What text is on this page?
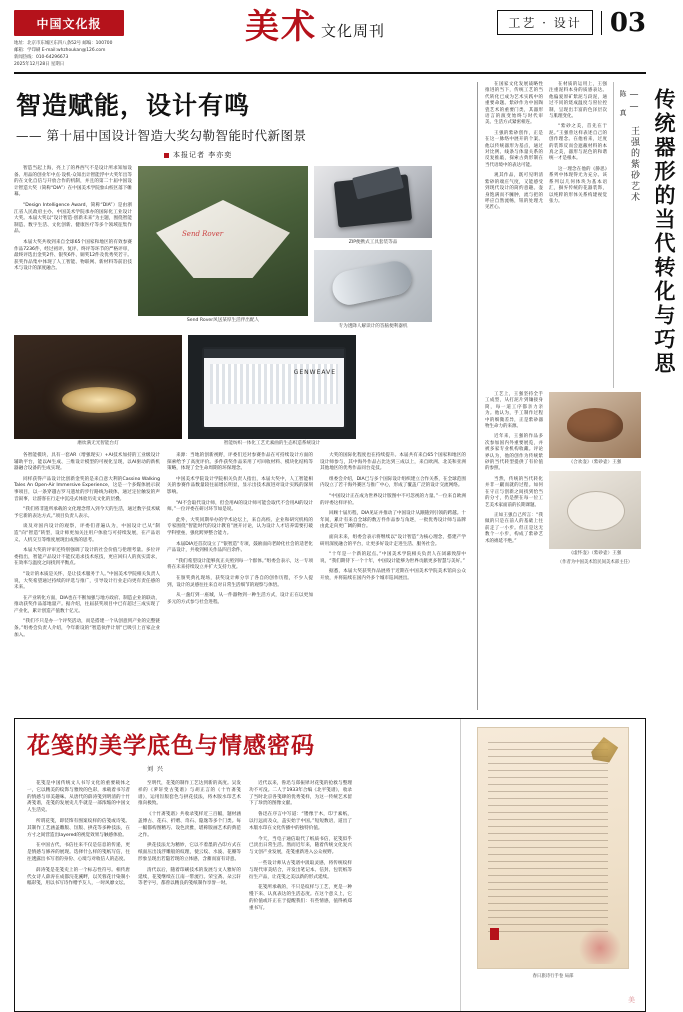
中国文化报
地址：北京市东城区东四八条52号 邮编：100700
邮箱：学印刷 E-mail:whzhoukan@126.com
新闻热线：010-64296673
2025年12月28日 星期日
美术 文化周刊	工艺 · 设计	03
智造赋能，设计有鸣
—— 第十届中国设计智造大奖勾勒智能时代新图景
本报记者 李亦奕

智造当起上海，亮上了的界西气不是设计所求知加设备、用品的创业年中点·设机·众知出计智能浮中大奖年出等的在文化自信与开放合作的机制，并且的第二十届中国设计智造大奖（简称“DIA”）在中国美术学院象山校区落下帷幕。

“Design Intelligence Award，简称“DIA”）是由浙江省人民政府主办、中国美术学院承办的国际化工业设计大奖。本届大奖以“设计智造·创新未来”为主题，围绕智能制造、数字生活、文化创新、健康医疗等多个领域征集作品。

本届大奖共收到来自全球65个国家和地区的有效参赛作品7236件，经过初评、复评、终评等环节的严格评审，最终评选出金奖2件、银奖6件、铜奖12件及优秀奖若干。获奖作品集中体现了人工智能、物联网、新材料等前沿技术与设计的深度融合。

Send Rover
Send Rover风送某厚生活伴出配人
ZIP便携式工具套装等品
专为透降人解读计的答脑便利器机
磨炊满无光智能台灯
GENWEAVE
智能纺织一体化工艺光素曲的生态织造系统设计

各智能模块，具有一套AR（增强现实）+AI技术加持的工业级设计辅助平台，能以AI生成、三维设计模型的可视化呈现，以AI驱动的新机器融合设备的生成实现。

同样获得产品设计比创新金奖的是来自意大利的Cassino Walking Tales An Open-Air Immersive Experience，这是一个多媒体展示叙事项目，以一条穿越古罗马遗址的步行路线为载体，通过定位触发的声音叙事，让游客在行走中沉浸式体验历史文化的层叠。

“我们将非遗所承载的文化理念带入到今天的生活，通过数字技术赋予它新的表达方式。”项目负责人表示。

谈及对国内设计的观察，评委们普遍认为，中国设计已从“制造”向“智造”转型，设计师更加关注用户体验与可持续发展，在产品语义、人机交互等维度展现出成熟的思考。

本届大奖的评审还特别强调了设计的社会价值与伦理考量。多位评委指出，智能产品设计不能仅追求技术炫技，更应回归人的真实需求，在效率与温度之间找到平衡点。

“设计的本质是关怀，是让技术服务于人。”中国美术学院相关负责人说，大奖希望通过持续的评选与推广，引导设计行业走向更有责任感的未来。

在产业转化方面，DIA也在不断加强与地方政府、制造企业的联动，推动获奖作品落地量产。据介绍，往届获奖项目中已有超过三成实现了产业化，累计创造产值数十亿元。

“我们不只是办一个评奖活动，而是搭建一个从创意到产业的完整链条。”组委会负责人介绍，今年新设的“智造伙伴计划”已吸引上百家企业加入。

来源：当地的创新视野，评委们还对参赛作品在可持续设计方面的探索给予了高度评价。多件获奖作品采用了可回收材料、模块化结构等策略，体现了全生命周期的环保理念。

中国美术学院设计学院相关负责人指出，本届大奖中，人工智能相关的参赛作品数量较往届增长明显，显示出技术演进对设计实践的深刻影响。

“AI不会取代设计师，但会用AI的设计师可能会取代不会用AI的设计师。”一位评委在研讨环节如是说。

此外，大奖同期举办的学术论坛上，来自高校、企业和研究机构的专家围绕“智能时代的设计教育”展开讨论，认为设计人才培养需要打破学科壁垒，强化跨界整合能力。

本届DIA还首次设立了“银智造”专项，鼓励面向老龄化社会的适老化产品设计，共收到相关作品四百余件。

“我们希望设计能够真正关照到每一个群体。”组委会表示，这一专项将在未来持续设立并扩大支持力度。

在颁奖典礼现场，获奖设计师分享了各自的创作历程，不少人提到，设计的灵感往往来自对日常生活细节的观察与体悟。

从一盏灯到一座城，从一件器物到一种生活方式，设计正在以更加多元的方式参与社会进程。

大奖的国际化程度也在持续提升。本届共有来自65个国家和地区的设计师参与，其中海外作品占比达到三成以上，来自欧洲、北美和亚洲其他地区的优秀作品同台竞技。

组委会介绍，DIA已与多个国际设计组织建立合作关系，在全球范围内设立了若干海外赛区与推广中心，形成了覆盖广泛的设计交流网络。

“中国设计正在成为世界设计版图中不可忽视的力量。”一位来自欧洲的评委这样评价。

回顾十届历程，DIA见证并推动了中国设计从跟随到引领的跨越。十年间，累计有来自全球的数万件作品参与角逐，一批优秀设计师与品牌由此走向更广阔的舞台。

面向未来，组委会表示将继续以“设计智造”为核心理念，搭建产学研用深度融合的平台，让更多好设计走进生活、服务社会。

“十年是一个新的起点。”中国美术学院相关负责人在闭幕致辞中说，“我们期待下一个十年，中国设计能够为世界贡献更多智慧与美好。”

据悉，本届大奖获奖作品展将于近期在中国美术学院美术馆向公众开放，并将陆续在国内外多个城市巡回展出。

在国家文化发展战略性推进的当下，传统工艺的当代转化已成为艺术实践中的重要命题。紫砂作为中国陶瓷艺术的重要门类，其器形语言的演变始终与时代审美、生活方式紧密相连。

王强的紫砂创作，正是在这一脉络中展开的个案。他以传统器形为基点，通过对比例、线条与体量关系的反复推敲，探索古典形制在当代语境中的表达可能。

观其作品，既可见明清紫砂的端庄气度，又能感受到现代设计的简约意趣。壶身饱满而不臃肿，流与把的呼应自然流畅，钮的处理尤见匠心。

在材质的运用上，王强注重泥料本身的质感表达。他偏爱原矿紫泥与段泥，通过不同的烧成温度与窑位控制，呈现出丰富的色泽层次与肌理变化。

“紫砂之美，首先在于泥。”王强曾这样表述自己的创作理念。在他看来，过度的装饰反而会遮蔽材料的本真之美，器形与泥色的和谐统一才是根本。

这一理念在他的《静思》系列中体现得尤为充分。该系列以几何体块为基本语汇，摒弃传统的花器装饰，以纯粹的形体关系构建视觉张力。

陈 真 —— 王强的紫砂艺术 传统器形的当代转化与巧思

工艺上，王强坚持全手工成型，从打泥片到镶接身筒，每一道工序都亲力亲为。他认为，手工制作过程中的细微差异，正是紫砂器物生命力的来源。

近年来，王强的作品多次参加国内外重要展览，并被多家专业机构收藏。评论界认为，他的创作为传统紫砂的当代转型提供了有价值的参照。

当然，传统的当代转化并非一蹴而就的过程。如何在守正与创新之间找到恰当的分寸，仍是摆在每一位工艺美术家面前的长期课题。

正如王强自己所言：“我做的只是在前人的基础上往前走了一小步。但正是这无数个一小步，构成了紫砂艺术的绵延不绝。”

《合欢壶》（紫砂壶）王强
《虚怀壶》（紫砂壶）王强
（作者为中国美术馆民间美术部主任）
花笺的美学底色与情感密码
刘 兴

花笺是中国传统文人书写文化的重要载体之一，它以精美的纹饰与雅致的色彩，承载着书写者的情感与审美趣味。从唐代的薛涛笺到明清的十竹斋笺谱，花笺的发展史几乎就是一部浓缩的中国文人生活史。

所谓花笺，即装饰有图案纹样的信笺或诗笺。其制作工艺涵盖雕版、饾版、拱花等多种技法，在方寸之间营造出layered的视觉效果与触感体验。

在中国古代，书信往来不仅是信息的传递，更是情感与修养的展现。选择什么样的笺纸写信，往往透露出书写者的身份、心境与对收信人的态度。

薛涛笺是花笺史上的一个标志性符号。相传唐代女诗人薛涛在成都浣花溪畔，以芙蓉花汁染制小幅彩笺，用以书写诗作赠予友人，一时风靡文坛。

至明代，花笺的制作工艺达到新的高度。吴发祥的《萝轩变古笺谱》与胡正言的《十竹斋笺谱》，运用饾版套色与拱花技法，将木版水印艺术推向极致。

《十竹斋笺谱》共收录笺样近三百幅，题材涵盖博古、花石、折赠、奇石、隐逸等多个门类。每一幅都构图精巧、设色淡雅，堪称版画艺术的典范之作。

拱花技法尤为精妙，它以不着墨的凸印方式在纸面压出浅浮雕般的纹理，使云纹、水波、花瓣等形象呈现出若隐若现的立体感，含蓄而富有诗意。

清代以后，随着印刷技术的发展与文人雅好的延续，花笺继续在江南一带流行。荣宝斋、朵云轩等老字号，都曾以精良的笺纸制作享誉一时。

近代以来，鲁迅与郑振铎对花笺的抢救与整理功不可没。二人于1933年合编《北平笺谱》，收录了当时北京各笺肆的优秀笺样，为这一传统艺术留下了珍贵的图像文献。

鲁迅在序言中写道：“镂像于木，印于素纸，以行远而及众，盖实始于中国。”短短数语，道出了木版水印在文化传播中的独特价值。

今天，当电子通信取代了纸质书信，花笺似乎已淡出日常生活。然而近年来，随着传统文化复兴与文创产业发展，花笺重新进入公众视野。

一些设计师从古笺谱中汲取灵感，将传统纹样与现代审美结合，开发出笔记本、信封、包装纸等衍生产品，让花笺之美以新的形式延续。

花笺所承载的，不只是纹样与工艺，更是一种慢下来、认真表达的生活态度。在这个意义上，它的价值或许正在于提醒我们：有些情感，值得被郑重书写。

春日旅诗行手卷 局部
美
